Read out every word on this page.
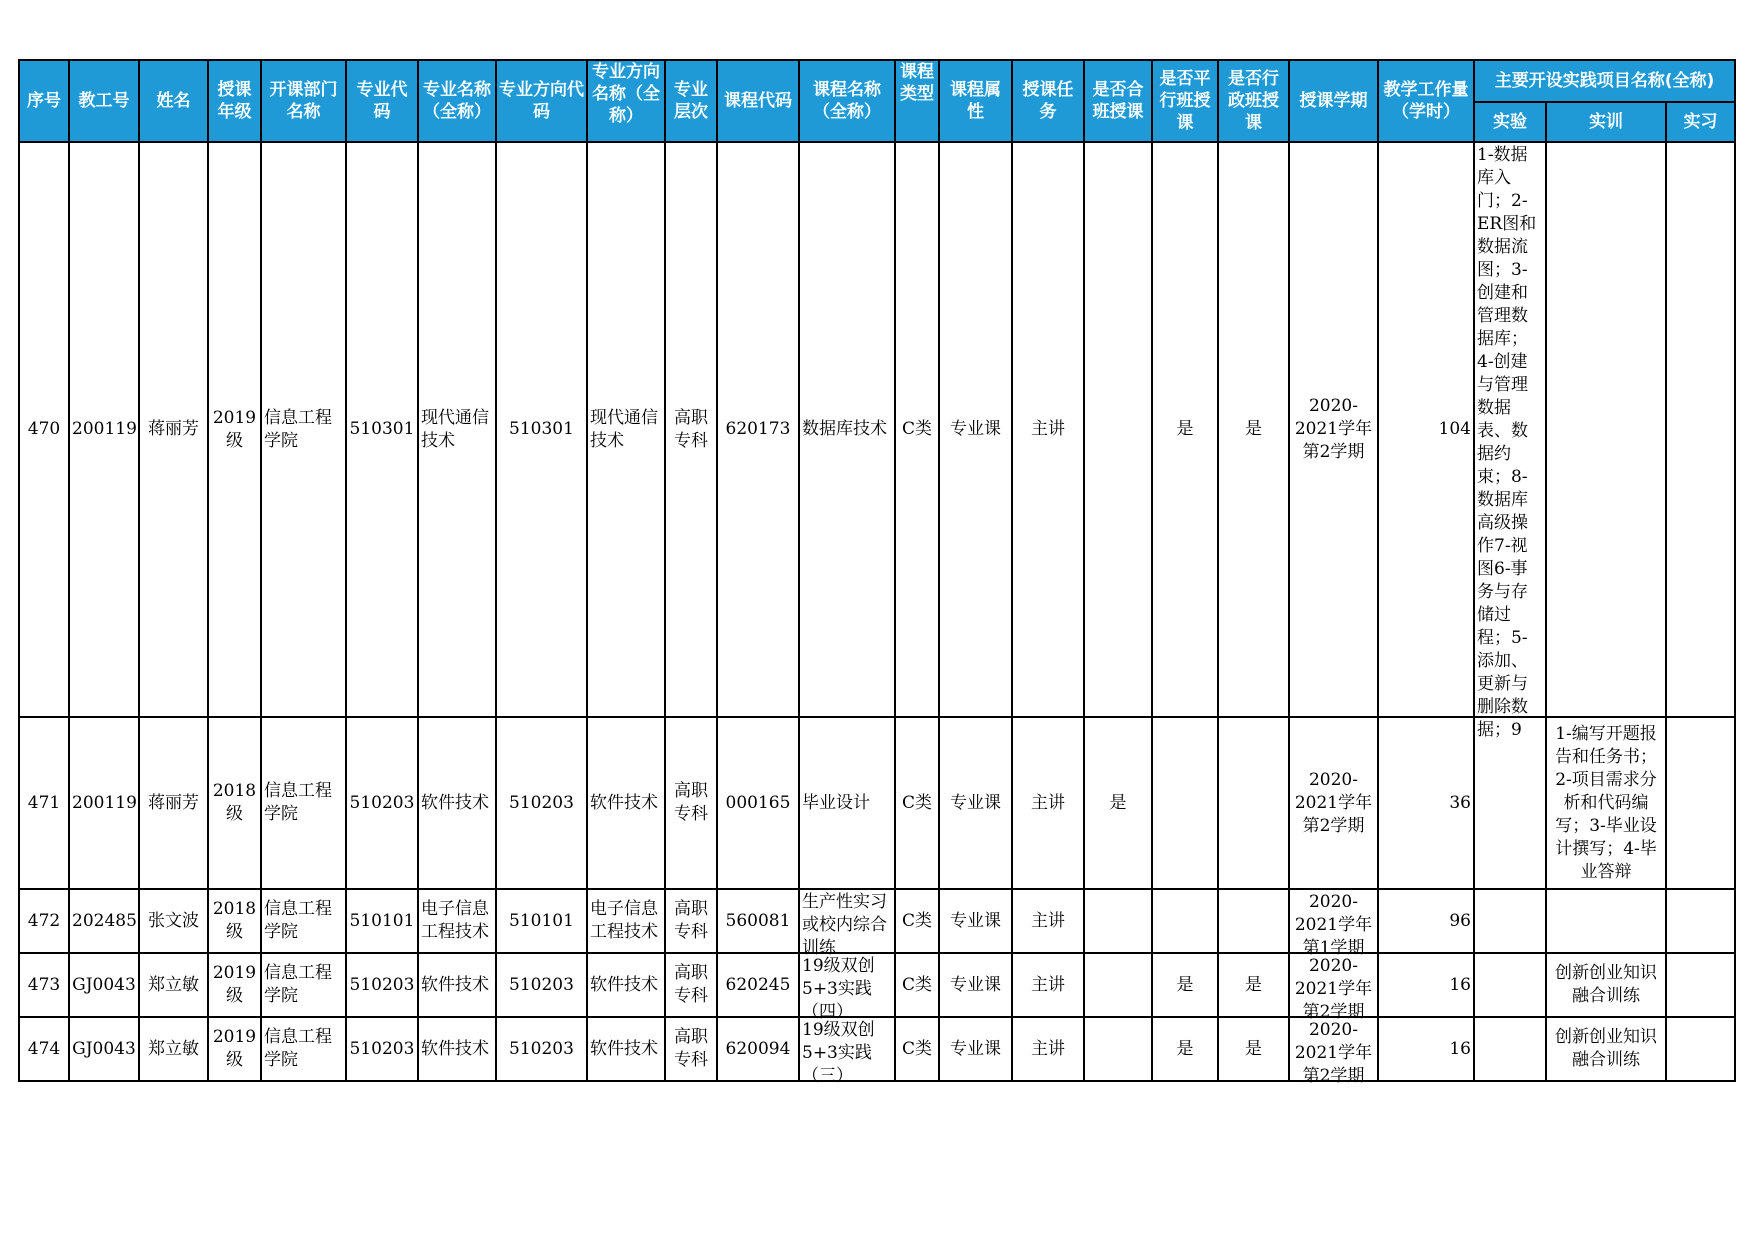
序号	教工号	姓名	授课年级	开课部门名称	专业代码	专业名称（全称）	专业方向代码	专业方向名称（全称）	专业层次	课程代码	课程名称（全称）	课程类型	课程属性	授课任务	是否合班授课	是否平行班授课	是否行政班授课	授课学期	教学工作量（学时）	主要开设实践项目名称(全称)		
																				实验	实训	实习

470	200119	蒋丽芳	2019级	信息工程学院	510301	现代通信技术	510301	现代通信技术	高职专科	620173	数据库技术	C类	专业课	主讲		是	是	2020-2021学年第2学期	104	1-数据库入门；2-ER图和数据流图；3-创建和管理数据库；4-创建与管理数据表、数据约束；8-数据库高级操作7-视图6-事务与存储过程；5-添加、更新与删除数据；9		

471	200119	蒋丽芳	2018级	信息工程学院	510203	软件技术	510203	软件技术	高职专科	000165	毕业设计	C类	专业课	主讲	是			2020-2021学年第2学期	36		1-编写开题报告和任务书；2-项目需求分析和代码编写；3-毕业设计撰写；4-毕业答辩	

472	202485	张文波	2018级	信息工程学院	510101	电子信息工程技术	510101	电子信息工程技术	高职专科	560081	生产性实习或校内综合训练	C类	专业课	主讲				2020-2021学年第1学期	96			

473	GJ0043	郑立敏	2019级	信息工程学院	510203	软件技术	510203	软件技术	高职专科	620245	19级双创5+3实践（四）	C类	专业课	主讲		是	是	2020-2021学年第2学期	16		创新创业知识融合训练	

474	GJ0043	郑立敏	2019级	信息工程学院	510203	软件技术	510203	软件技术	高职专科	620094	19级双创5+3实践（三）	C类	专业课	主讲		是	是	2020-2021学年第2学期	16		创新创业知识融合训练	
